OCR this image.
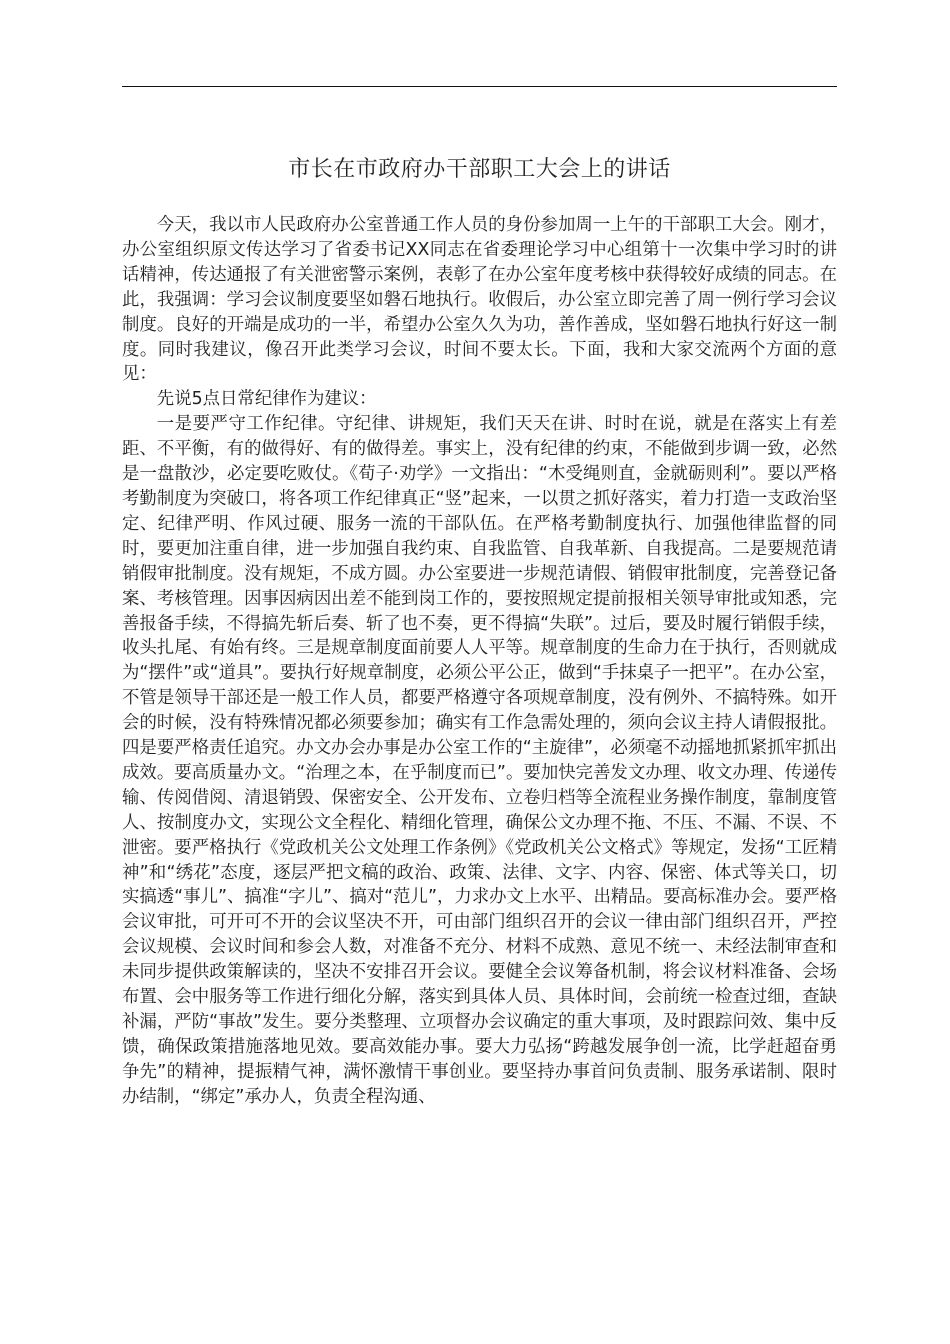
市长在市政府办干部职工大会上的讲话

今天，我以市人民政府办公室普通工作人员的身份参加周一上午的干部职工大会。刚才，办公室组织原文传达学习了省委书记XX同志在省委理论学习中心组第十一次集中学习时的讲话精神，传达通报了有关泄密警示案例，表彰了在办公室年度考核中获得较好成绩的同志。在此，我强调：学习会议制度要坚如磐石地执行。收假后，办公室立即完善了周一例行学习会议制度。良好的开端是成功的一半，希望办公室久久为功，善作善成，坚如磐石地执行好这一制度。同时我建议，像召开此类学习会议，时间不要太长。下面，我和大家交流两个方面的意见：

先说5点日常纪律作为建议：

一是要严守工作纪律。守纪律、讲规矩，我们天天在讲、时时在说，就是在落实上有差距、不平衡，有的做得好、有的做得差。事实上，没有纪律的约束，不能做到步调一致，必然是一盘散沙，必定要吃败仗。《荀子·劝学》一文指出：“木受绳则直，金就砺则利”。要以严格考勤制度为突破口，将各项工作纪律真正“竖”起来，一以贯之抓好落实，着力打造一支政治坚定、纪律严明、作风过硬、服务一流的干部队伍。在严格考勤制度执行、加强他律监督的同时，要更加注重自律，进一步加强自我约束、自我监管、自我革新、自我提高。二是要规范请销假审批制度。没有规矩，不成方圆。办公室要进一步规范请假、销假审批制度，完善登记备案、考核管理。因事因病因出差不能到岗工作的，要按照规定提前报相关领导审批或知悉，完善报备手续，不得搞先斩后奏、斩了也不奏，更不得搞“失联”。过后，要及时履行销假手续，收头扎尾、有始有终。三是规章制度面前要人人平等。规章制度的生命力在于执行，否则就成为“摆件”或“道具”。要执行好规章制度，必须公平公正，做到“手抹桌子一把平”。在办公室，不管是领导干部还是一般工作人员，都要严格遵守各项规章制度，没有例外、不搞特殊。如开会的时候，没有特殊情况都必须要参加；确实有工作急需处理的，须向会议主持人请假报批。四是要严格责任追究。办文办会办事是办公室工作的“主旋律”，必须毫不动摇地抓紧抓牢抓出成效。要高质量办文。“治理之本，在乎制度而已”。要加快完善发文办理、收文办理、传递传输、传阅借阅、清退销毁、保密安全、公开发布、立卷归档等全流程业务操作制度，靠制度管人、按制度办文，实现公文全程化、精细化管理，确保公文办理不拖、不压、不漏、不误、不泄密。要严格执行《党政机关公文处理工作条例》《党政机关公文格式》等规定，发扬“工匠精神”和“绣花”态度，逐层严把文稿的政治、政策、法律、文字、内容、保密、体式等关口，切实搞透“事儿”、搞准“字儿”、搞对“范儿”，力求办文上水平、出精品。要高标准办会。要严格会议审批，可开可不开的会议坚决不开，可由部门组织召开的会议一律由部门组织召开，严控会议规模、会议时间和参会人数，对准备不充分、材料不成熟、意见不统一、未经法制审查和未同步提供政策解读的，坚决不安排召开会议。要健全会议筹备机制，将会议材料准备、会场布置、会中服务等工作进行细化分解，落实到具体人员、具体时间，会前统一检查过细，查缺补漏，严防“事故”发生。要分类整理、立项督办会议确定的重大事项，及时跟踪问效、集中反馈，确保政策措施落地见效。要高效能办事。要大力弘扬“跨越发展争创一流，比学赶超奋勇争先”的精神，提振精气神，满怀激情干事创业。要坚持办事首问负责制、服务承诺制、限时办结制，“绑定”承办人，负责全程沟通、
